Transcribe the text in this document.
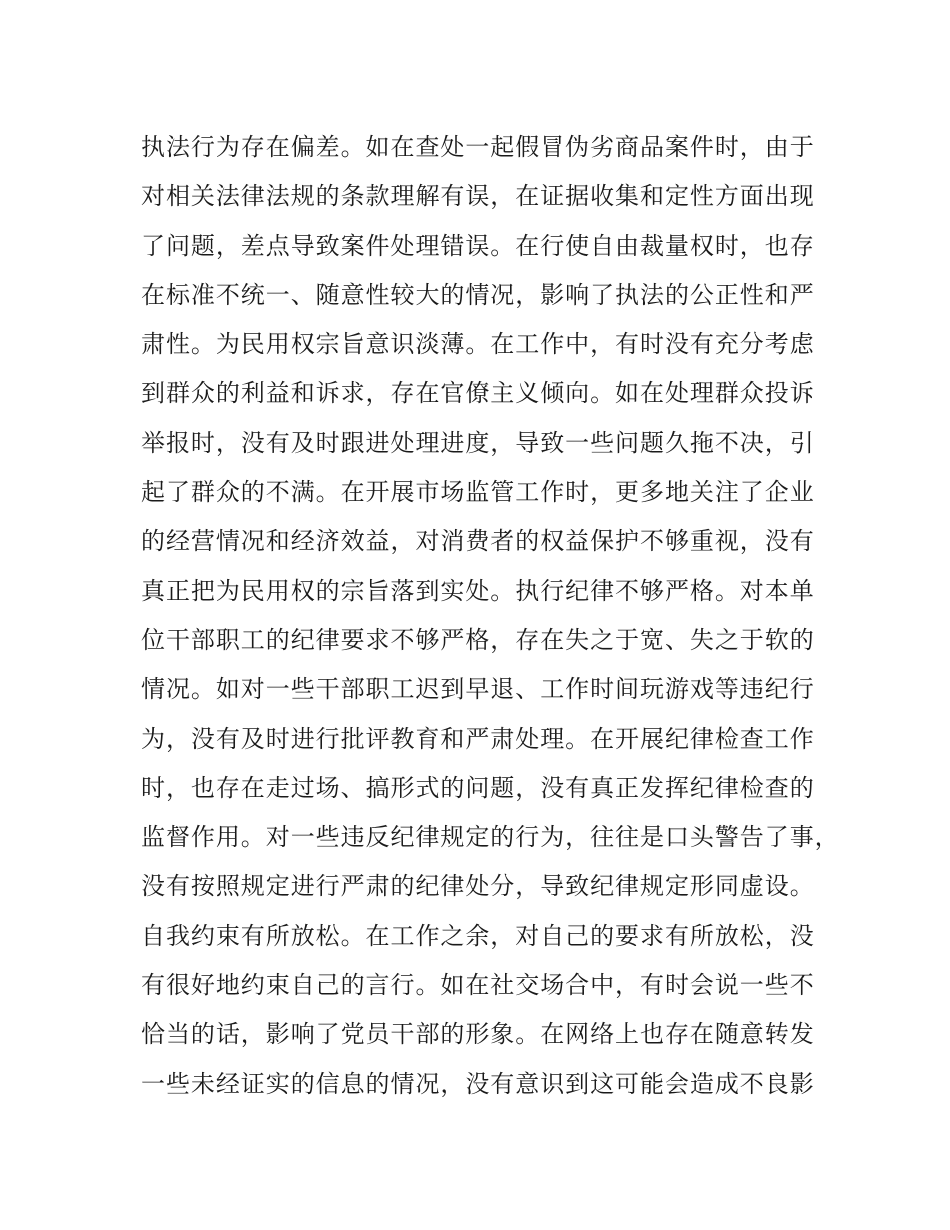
执法行为存在偏差。如在查处一起假冒伪劣商品案件时，由于
对相关法律法规的条款理解有误，在证据收集和定性方面出现
了问题，差点导致案件处理错误。在行使自由裁量权时，也存
在标准不统一、随意性较大的情况，影响了执法的公正性和严
肃性。为民用权宗旨意识淡薄。在工作中，有时没有充分考虑
到群众的利益和诉求，存在官僚主义倾向。如在处理群众投诉
举报时，没有及时跟进处理进度，导致一些问题久拖不决，引
起了群众的不满。在开展市场监管工作时，更多地关注了企业
的经营情况和经济效益，对消费者的权益保护不够重视，没有
真正把为民用权的宗旨落到实处。执行纪律不够严格。对本单
位干部职工的纪律要求不够严格，存在失之于宽、失之于软的
情况。如对一些干部职工迟到早退、工作时间玩游戏等违纪行
为，没有及时进行批评教育和严肃处理。在开展纪律检查工作
时，也存在走过场、搞形式的问题，没有真正发挥纪律检查的
监督作用。对一些违反纪律规定的行为，往往是口头警告了事，
没有按照规定进行严肃的纪律处分，导致纪律规定形同虚设。
自我约束有所放松。在工作之余，对自己的要求有所放松，没
有很好地约束自己的言行。如在社交场合中，有时会说一些不
恰当的话，影响了党员干部的形象。在网络上也存在随意转发
一些未经证实的信息的情况，没有意识到这可能会造成不良影
